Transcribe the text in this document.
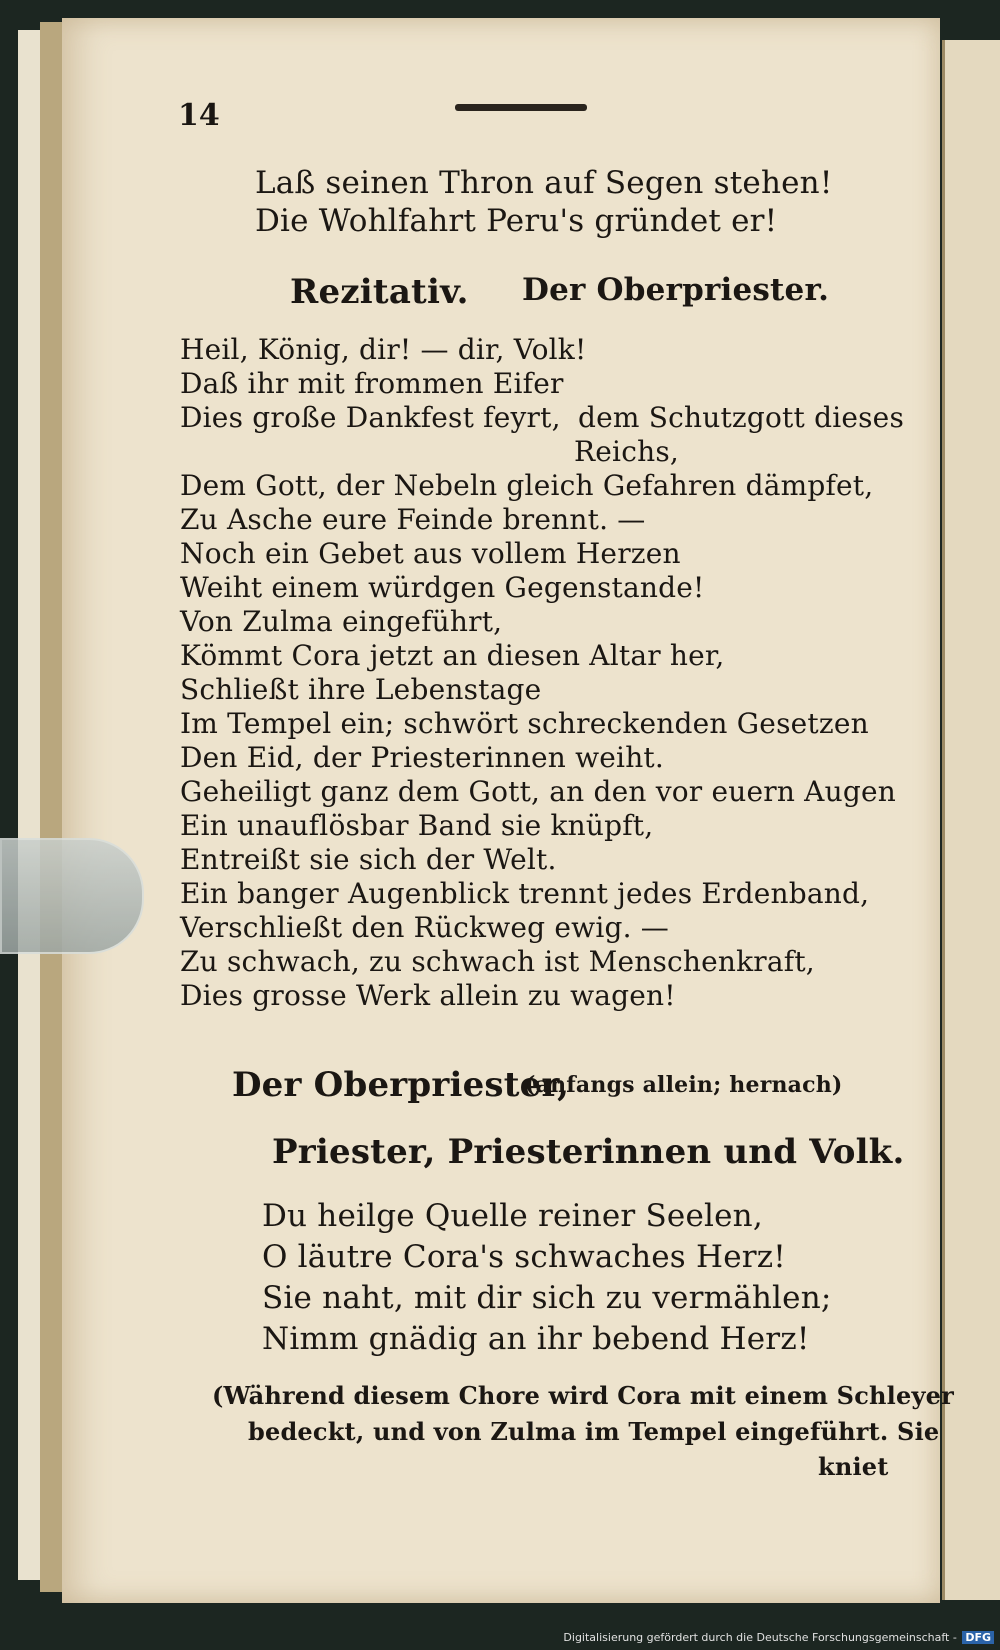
14
Laß seinen Thron auf Segen stehen!
Die Wohlfahrt Peru's gründet er!
Rezitativ. Der Oberpriester.
Heil, König, dir! — dir, Volk!
Daß ihr mit frommen Eifer
Dies große Dankfest feyrt, dem Schutzgott dieses
Reichs,
Dem Gott, der Nebeln gleich Gefahren dämpfet,
Zu Asche eure Feinde brennt. —
Noch ein Gebet aus vollem Herzen
Weiht einem würdgen Gegenstande!
Von Zulma eingeführt,
Kömmt Cora jetzt an diesen Altar her,
Schließt ihre Lebenstage
Im Tempel ein; schwört schreckenden Gesetzen
Den Eid, der Priesterinnen weiht.
Geheiligt ganz dem Gott, an den vor euern Augen
Ein unauflösbar Band sie knüpft,
Entreißt sie sich der Welt.
Ein banger Augenblick trennt jedes Erdenband,
Verschließt den Rückweg ewig. —
Zu schwach, zu schwach ist Menschenkraft,
Dies grosse Werk allein zu wagen!
Der Oberpriester,
(anfangs allein; hernach)
Priester, Priesterinnen und Volk.
Du heilge Quelle reiner Seelen,
O läutre Cora's schwaches Herz!
Sie naht, mit dir sich zu vermählen;
Nimm gnädig an ihr bebend Herz!
(Während diesem Chore wird Cora mit einem Schleyer
bedeckt, und von Zulma im Tempel eingeführt. Sie
kniet
Digitalisierung gefördert durch die Deutsche Forschungsgemeinschaft - DFG
